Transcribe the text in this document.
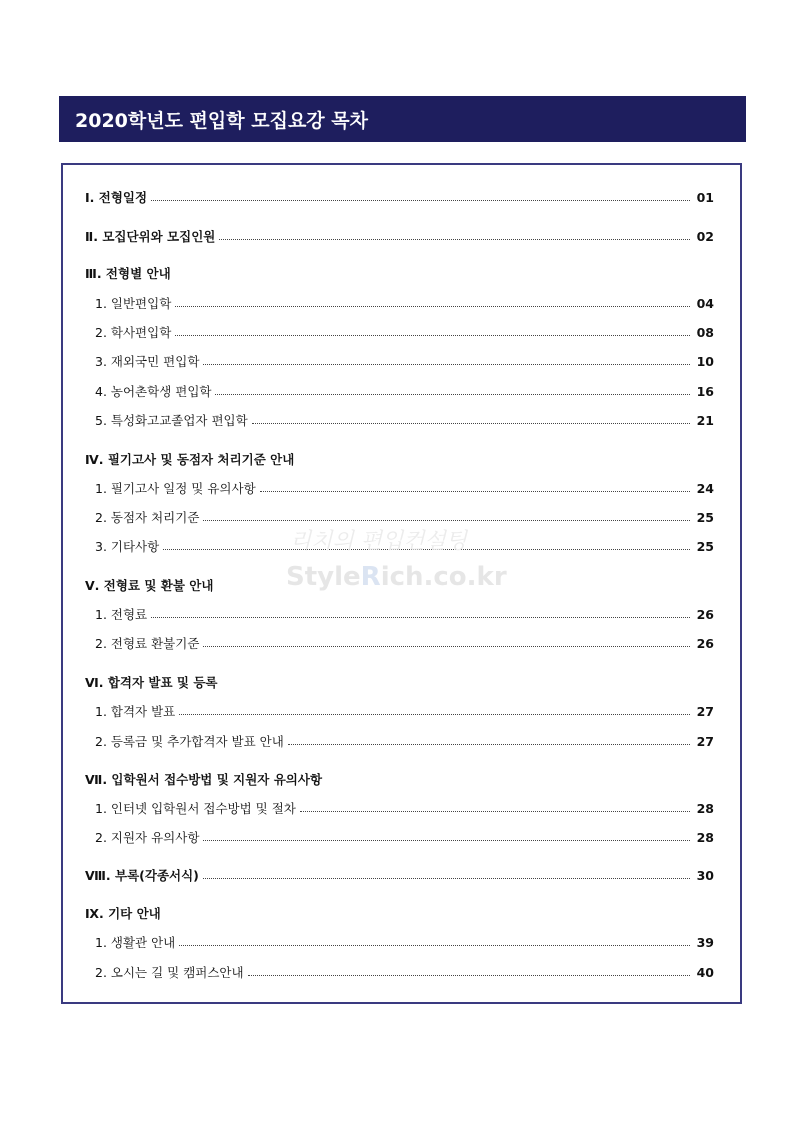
2020학년도 편입학 모집요강 목차
Ⅰ. 전형일정	01
Ⅱ. 모집단위와 모집인원	02
Ⅲ. 전형별 안내
1. 일반편입학	04
2. 학사편입학	08
3. 재외국민 편입학	10
4. 농어촌학생 편입학	16
5. 특성화고교졸업자 편입학	21
Ⅳ. 필기고사 및 동점자 처리기준 안내
1. 필기고사 일정 및 유의사항	24
2. 동점자 처리기준	25
3. 기타사항	25
Ⅴ. 전형료 및 환불 안내
1. 전형료	26
2. 전형료 환불기준	26
Ⅵ. 합격자 발표 및 등록
1. 합격자 발표	27
2. 등록금 및 추가합격자 발표 안내	27
Ⅶ. 입학원서 접수방법 및 지원자 유의사항
1. 인터넷 입학원서 접수방법 및 절차	28
2. 지원자 유의사항	28
Ⅷ. 부록(각종서식)	30
Ⅸ. 기타 안내
1. 생활관 안내	39
2. 오시는 길 및 캠퍼스안내	40
리치의 편입컨설팅
StyleRich.co.kr
